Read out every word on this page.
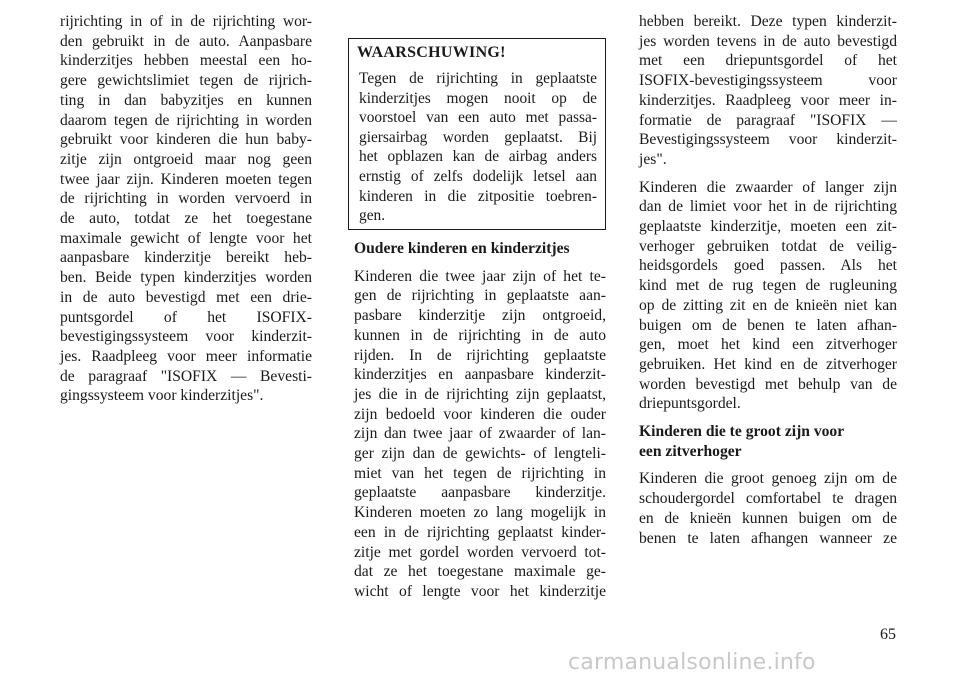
rijrichting in of in de rijrichting wor-
den gebruikt in de auto. Aanpasbare
kinderzitjes hebben meestal een ho-
gere gewichtslimiet tegen de rijrich-
ting in dan babyzitjes en kunnen
daarom tegen de rijrichting in worden
gebruikt voor kinderen die hun baby-
zitje zijn ontgroeid maar nog geen
twee jaar zijn. Kinderen moeten tegen
de rijrichting in worden vervoerd in
de auto, totdat ze het toegestane
maximale gewicht of lengte voor het
aanpasbare kinderzitje bereikt heb-
ben. Beide typen kinderzitjes worden
in de auto bevestigd met een drie-
puntsgordel of het ISOFIX-
bevestigingssysteem voor kinderzit-
jes. Raadpleeg voor meer informatie
de paragraaf "ISOFIX — Bevesti-
gingssysteem voor kinderzitjes".

WAARSCHUWING!
Tegen de rijrichting in geplaatste
kinderzitjes mogen nooit op de
voorstoel van een auto met passa-
giersairbag worden geplaatst. Bij
het opblazen kan de airbag anders
ernstig of zelfs dodelijk letsel aan
kinderen in die zitpositie toebren-
gen.
Oudere kinderen en kinderzitjes

Kinderen die twee jaar zijn of het te-
gen de rijrichting in geplaatste aan-
pasbare kinderzitje zijn ontgroeid,
kunnen in de rijrichting in de auto
rijden. In de rijrichting geplaatste
kinderzitjes en aanpasbare kinderzit-
jes die in de rijrichting zijn geplaatst,
zijn bedoeld voor kinderen die ouder
zijn dan twee jaar of zwaarder of lan-
ger zijn dan de gewichts- of lengteli-
miet van het tegen de rijrichting in
geplaatste aanpasbare kinderzitje.
Kinderen moeten zo lang mogelijk in
een in de rijrichting geplaatst kinder-
zitje met gordel worden vervoerd tot-
dat ze het toegestane maximale ge-
wicht of lengte voor het kinderzitje

hebben bereikt. Deze typen kinderzit-
jes worden tevens in de auto bevestigd
met een driepuntsgordel of het
ISOFIX-bevestigingssysteem voor
kinderzitjes. Raadpleeg voor meer in-
formatie de paragraaf "ISOFIX —
Bevestigingssysteem voor kinderzit-
jes".

Kinderen die zwaarder of langer zijn
dan de limiet voor het in de rijrichting
geplaatste kinderzitje, moeten een zit-
verhoger gebruiken totdat de veilig-
heidsgordels goed passen. Als het
kind met de rug tegen de rugleuning
op de zitting zit en de knieën niet kan
buigen om de benen te laten afhan-
gen, moet het kind een zitverhoger
gebruiken. Het kind en de zitverhoger
worden bevestigd met behulp van de
driepuntsgordel.

Kinderen die te groot zijn voor
een zitverhoger

Kinderen die groot genoeg zijn om de
schoudergordel comfortabel te dragen
en de knieën kunnen buigen om de
benen te laten afhangen wanneer ze

65
carmanualsonline.info
